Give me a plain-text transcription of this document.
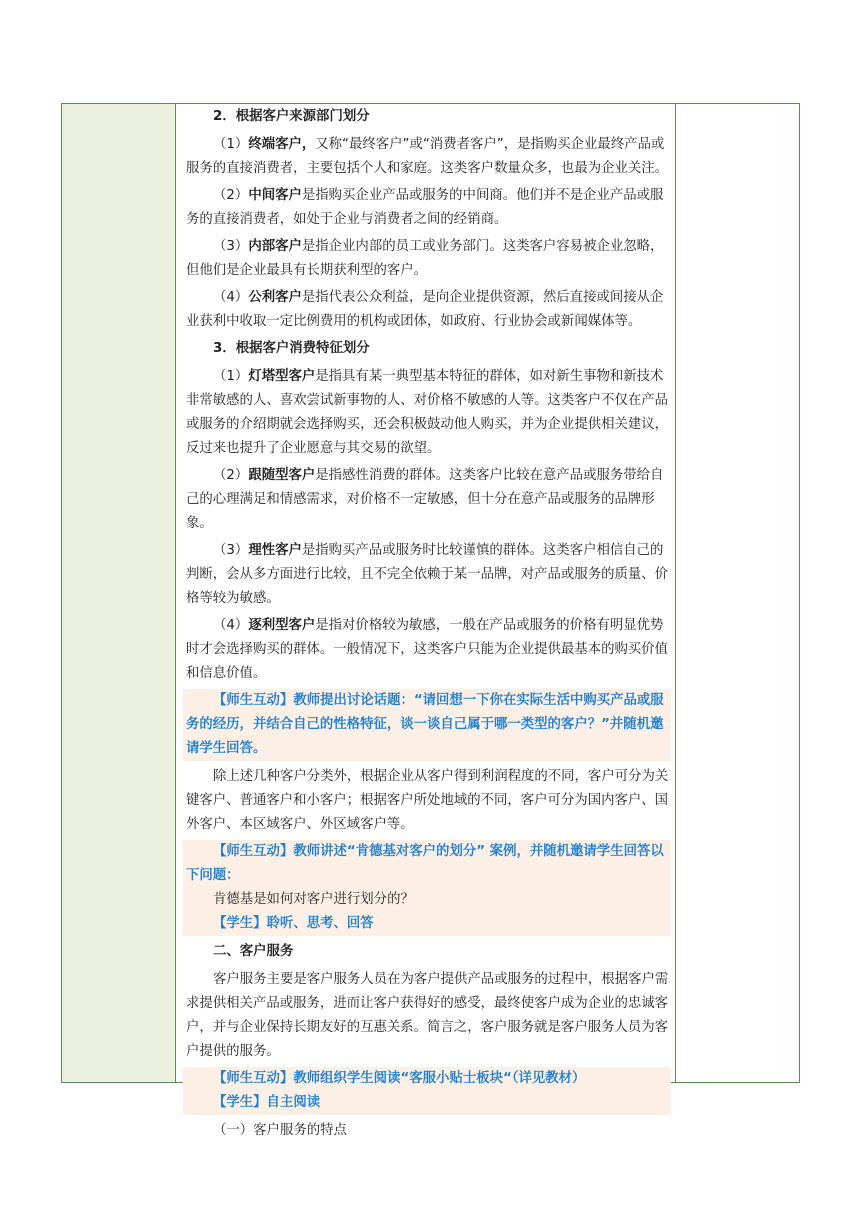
2．根据客户来源部门划分

（1）终端客户，又称“最终客户”或“消费者客户”，是指购买企业最终产品或服务的直接消费者，主要包括个人和家庭。这类客户数量众多，也最为企业关注。

（2）中间客户是指购买企业产品或服务的中间商。他们并不是企业产品或服务的直接消费者，如处于企业与消费者之间的经销商。

（3）内部客户是指企业内部的员工或业务部门。这类客户容易被企业忽略，但他们是企业最具有长期获利型的客户。

（4）公利客户是指代表公众利益，是向企业提供资源，然后直接或间接从企业获利中收取一定比例费用的机构或团体，如政府、行业协会或新闻媒体等。

3．根据客户消费特征划分

（1）灯塔型客户是指具有某一典型基本特征的群体，如对新生事物和新技术非常敏感的人、喜欢尝试新事物的人、对价格不敏感的人等。这类客户不仅在产品或服务的介绍期就会选择购买，还会积极鼓动他人购买，并为企业提供相关建议，反过来也提升了企业愿意与其交易的欲望。

（2）跟随型客户是指感性消费的群体。这类客户比较在意产品或服务带给自己的心理满足和情感需求，对价格不一定敏感，但十分在意产品或服务的品牌形象。

（3）理性客户是指购买产品或服务时比较谨慎的群体。这类客户相信自己的判断，会从多方面进行比较，且不完全依赖于某一品牌，对产品或服务的质量、价格等较为敏感。

（4）逐利型客户是指对价格较为敏感，一般在产品或服务的价格有明显优势时才会选择购买的群体。一般情况下，这类客户只能为企业提供最基本的购买价值和信息价值。

【师生互动】教师提出讨论话题：“请回想一下你在实际生活中购买产品或服务的经历，并结合自己的性格特征，谈一谈自己属于哪一类型的客户？”并随机邀请学生回答。

除上述几种客户分类外，根据企业从客户得到利润程度的不同，客户可分为关键客户、普通客户和小客户；根据客户所处地域的不同，客户可分为国内客户、国外客户、本区域客户、外区域客户等。

【师生互动】教师讲述“肯德基对客户的划分” 案例，并随机邀请学生回答以下问题：

肯德基是如何对客户进行划分的？

【学生】聆听、思考、回答

二、客户服务

客户服务主要是客户服务人员在为客户提供产品或服务的过程中，根据客户需求提供相关产品或服务，进而让客户获得好的感受，最终使客户成为企业的忠诚客户，并与企业保持长期友好的互惠关系。简言之，客户服务就是客户服务人员为客户提供的服务。

【师生互动】教师组织学生阅读“客服小贴士板块“（详见教材）

【学生】自主阅读

（一）客户服务的特点
